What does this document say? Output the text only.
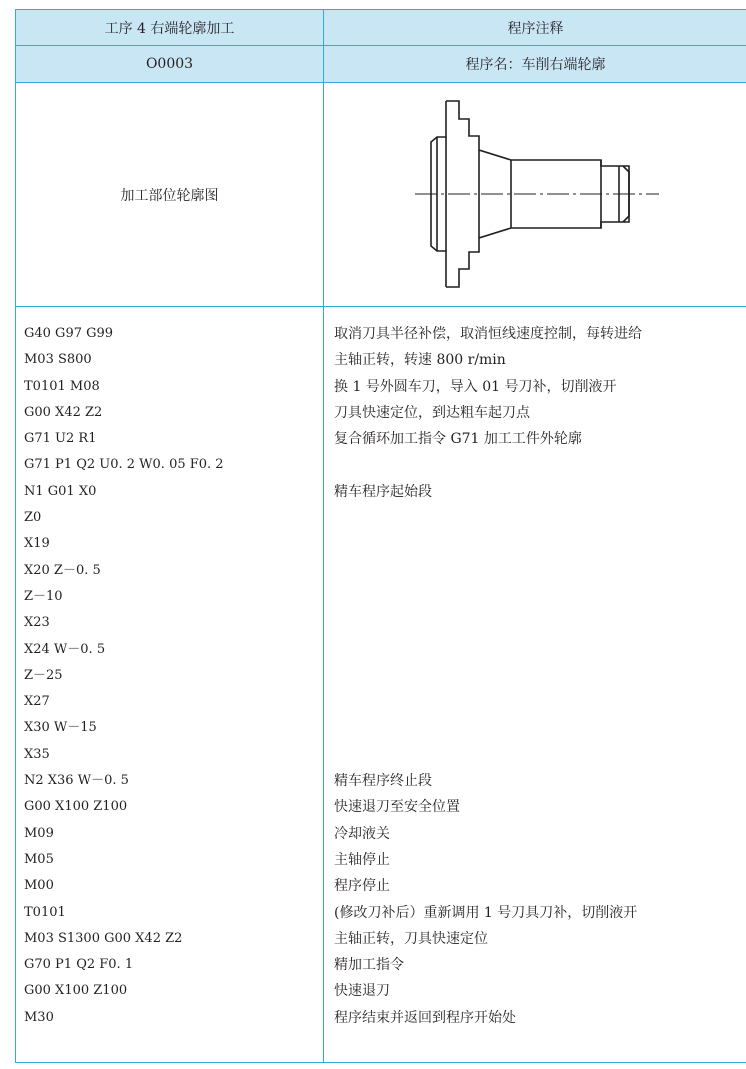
工序 4 右端轮廓加工	程序注释
O0003	程序名：车削右端轮廓
加工部位轮廓图
G40 G97 G99
M03 S800
T0101 M08
G00 X42 Z2
G71 U2 R1
G71 P1 Q2 U0. 2 W0. 05 F0. 2
N1 G01 X0
Z0
X19
X20 Z－0. 5
Z－10
X23
X24 W－0. 5
Z－25
X27
X30 W－15
X35
N2 X36 W－0. 5
G00 X100 Z100
M09
M05
M00
T0101
M03 S1300 G00 X42 Z2
G70 P1 Q2 F0. 1
G00 X100 Z100
M30
取消刀具半径补偿，取消恒线速度控制，每转进给
主轴正转，转速 800 r/min
换 1 号外圆车刀，导入 01 号刀补，切削液开
刀具快速定位，到达粗车起刀点
复合循环加工指令 G71 加工工件外轮廓
精车程序起始段
精车程序终止段
快速退刀至安全位置
冷却液关
主轴停止
程序停止
(修改刀补后）重新调用 1 号刀具刀补，切削液开
主轴正转，刀具快速定位
精加工指令
快速退刀
程序结束并返回到程序开始处
